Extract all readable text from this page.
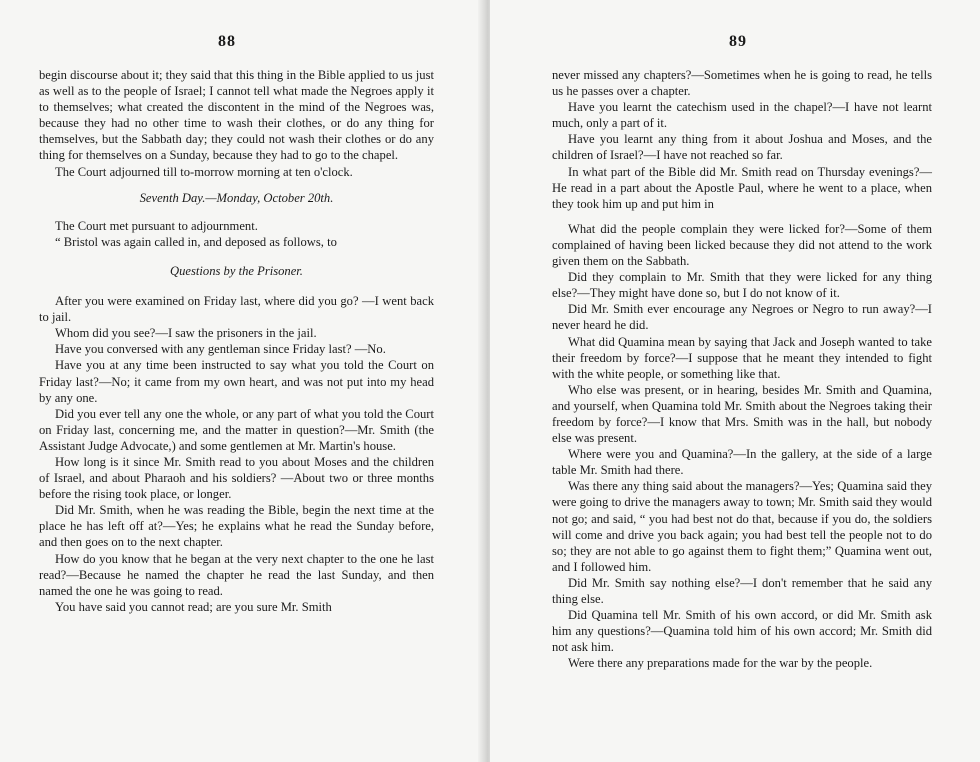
88

begin discourse about it; they said that this thing in the Bible applied to us just as well as to the people of Israel; I cannot tell what made the Negroes apply it to themselves; what created the discontent in the mind of the Negroes was, because they had no other time to wash their clothes, or do any thing for themselves, but the Sabbath day; they could not wash their clothes or do any thing for themselves on a Sunday, because they had to go to the chapel.

The Court adjourned till to-morrow morning at ten o'clock.

Seventh Day.—Monday, October 20th.

The Court met pursuant to adjournment.

“ Bristol was again called in, and deposed as follows, to

Questions by the Prisoner.

After you were examined on Friday last, where did you go? —I went back to jail.

Whom did you see?—I saw the prisoners in the jail.

Have you conversed with any gentleman since Friday last? —No.

Have you at any time been instructed to say what you told the Court on Friday last?—No; it came from my own heart, and was not put into my head by any one.

Did you ever tell any one the whole, or any part of what you told the Court on Friday last, concerning me, and the matter in question?—Mr. Smith (the Assistant Judge Advocate,) and some gentlemen at Mr. Martin's house.

How long is it since Mr. Smith read to you about Moses and the children of Israel, and about Pharaoh and his soldiers? —About two or three months before the rising took place, or longer.

Did Mr. Smith, when he was reading the Bible, begin the next time at the place he has left off at?—Yes; he explains what he read the Sunday before, and then goes on to the next chapter.

How do you know that he began at the very next chapter to the one he last read?—Because he named the chapter he read the last Sunday, and then named the one he was going to read.

You have said you cannot read; are you sure Mr. Smith

89

never missed any chapters?—Sometimes when he is going to read, he tells us he passes over a chapter.

Have you learnt the catechism used in the chapel?—I have not learnt much, only a part of it.

Have you learnt any thing from it about Joshua and Moses, and the children of Israel?—I have not reached so far.

In what part of the Bible did Mr. Smith read on Thursday evenings?—He read in a part about the Apostle Paul, where he went to a place, when they took him up and put him in

What did the people complain they were licked for?—Some of them complained of having been licked because they did not attend to the work given them on the Sabbath.

Did they complain to Mr. Smith that they were licked for any thing else?—They might have done so, but I do not know of it.

Did Mr. Smith ever encourage any Negroes or Negro to run away?—I never heard he did.

What did Quamina mean by saying that Jack and Joseph wanted to take their freedom by force?—I suppose that he meant they intended to fight with the white people, or something like that.

Who else was present, or in hearing, besides Mr. Smith and Quamina, and yourself, when Quamina told Mr. Smith about the Negroes taking their freedom by force?—I know that Mrs. Smith was in the hall, but nobody else was present.

Where were you and Quamina?—In the gallery, at the side of a large table Mr. Smith had there.

Was there any thing said about the managers?—Yes; Quamina said they were going to drive the managers away to town; Mr. Smith said they would not go; and said, “ you had best not do that, because if you do, the soldiers will come and drive you back again; you had best tell the people not to do so; they are not able to go against them to fight them;” Quamina went out, and I followed him.

Did Mr. Smith say nothing else?—I don't remember that he said any thing else.

Did Quamina tell Mr. Smith of his own accord, or did Mr. Smith ask him any questions?—Quamina told him of his own accord; Mr. Smith did not ask him.

Were there any preparations made for the war by the people.
